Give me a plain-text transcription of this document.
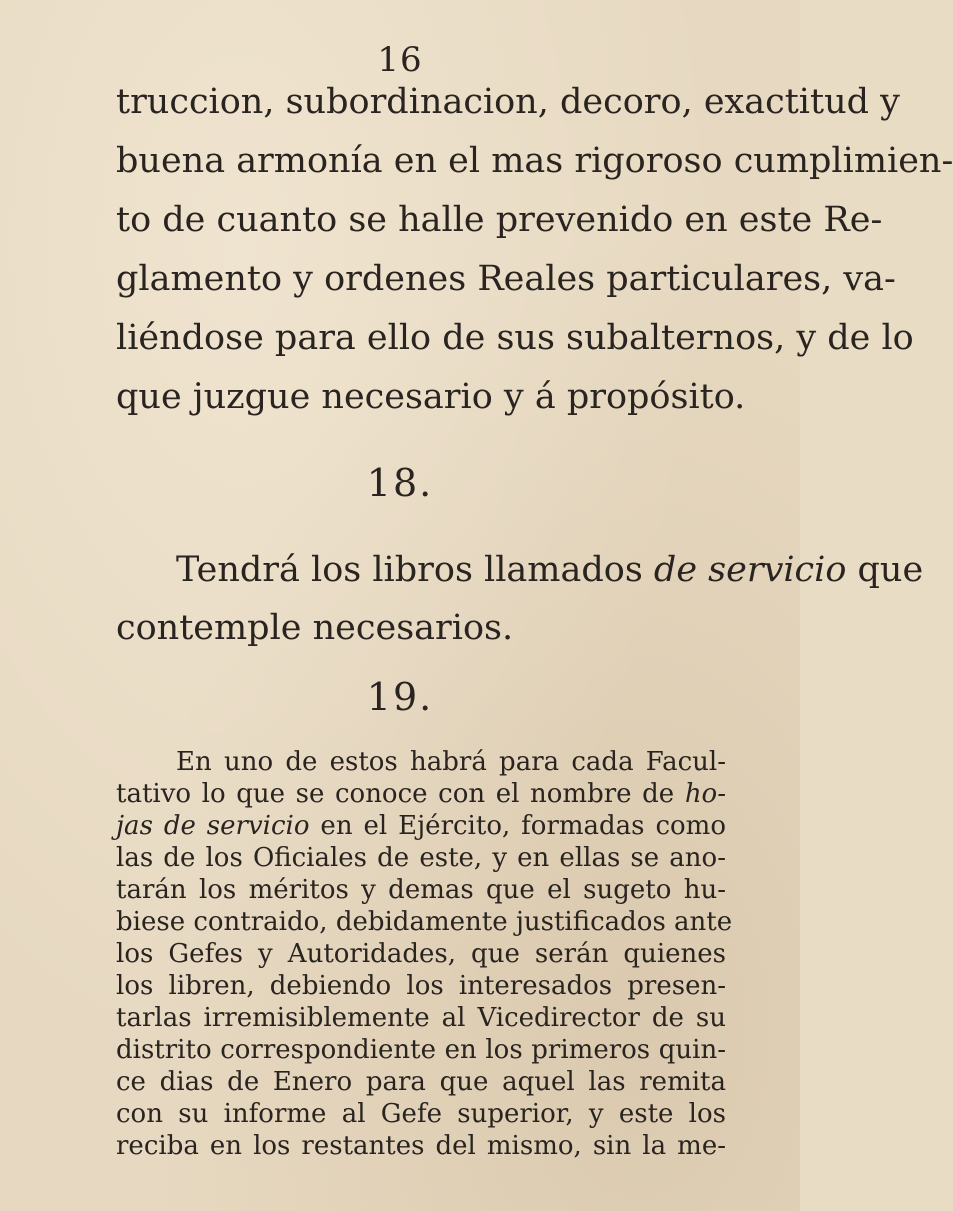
16
truccion, subordinacion, decoro, exactitud y
buena armonía en el mas rigoroso cumplimien-
to de cuanto se halle prevenido en este Re-
glamento y ordenes Reales particulares, va-
liéndose para ello de sus subalternos, y de lo
que juzgue necesario y á propósito.
18.
Tendrá los libros llamados de servicio que
contemple necesarios.
19.
En uno de estos habrá para cada Facul-
tativo lo que se conoce con el nombre de ho-
jas de servicio en el Ejército, formadas como
las de los Oficiales de este, y en ellas se ano-
tarán los méritos y demas que el sugeto hu-
biese contraido, debidamente justificados ante
los Gefes y Autoridades, que serán quienes
los libren, debiendo los interesados presen-
tarlas irremisiblemente al Vicedirector de su
distrito correspondiente en los primeros quin-
ce dias de Enero para que aquel las remita
con su informe al Gefe superior, y este los
reciba en los restantes del mismo, sin la me-
